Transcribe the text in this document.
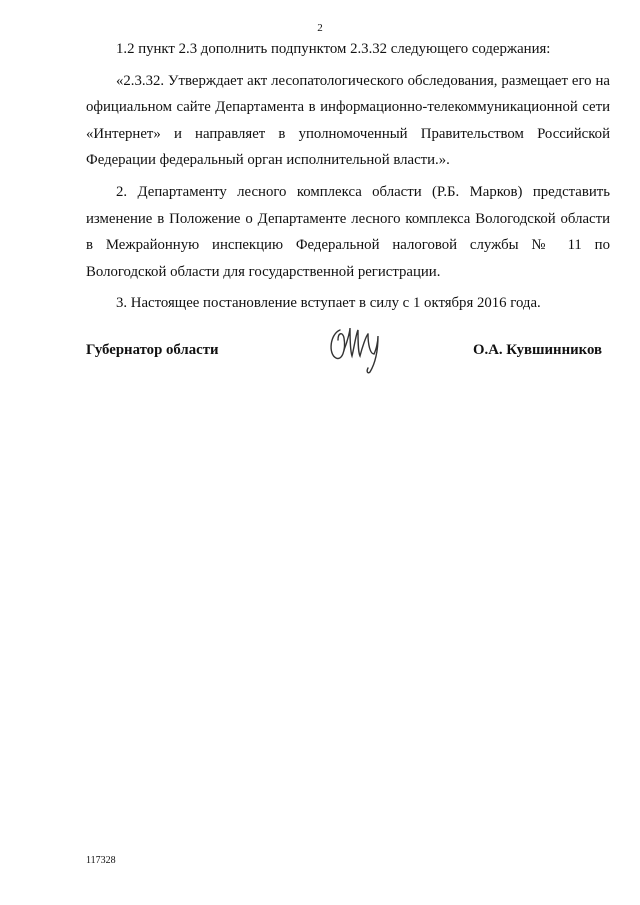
2

1.2 пункт 2.3 дополнить подпунктом 2.3.32 следующего содержания:

«2.3.32. Утверждает акт лесопатологического обследования, размещает его на официальном сайте Департамента в информационно-телекоммуникационной сети «Интернет» и направляет в уполномоченный Правительством Российской Федерации федеральный орган исполнительной власти.».

2. Департаменту лесного комплекса области (Р.Б. Марков) представить изменение в Положение о Департаменте лесного комплекса Вологодской области в Межрайонную инспекцию Федеральной налоговой службы № 11 по Вологодской области для государственной регистрации.

3. Настоящее постановление вступает в силу с 1 октября 2016 года.

Губернатор области	О.А. Кувшинников
117328
